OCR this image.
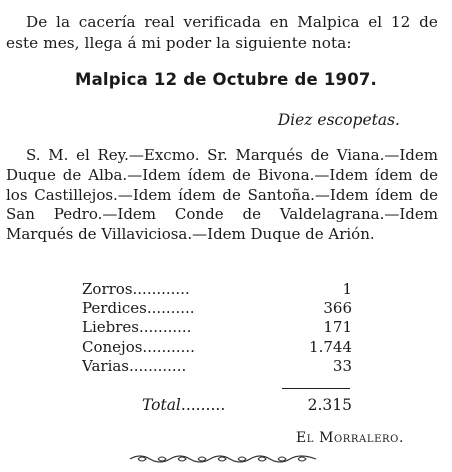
De la cacería real verificada en Malpica el 12 de este mes, llega á mi poder la siguiente nota:

Malpica 12 de Octubre de 1907.
Diez escopetas.

S. M. el Rey.—Excmo. Sr. Marqués de Viana.—Idem Duque de Alba.—Idem ídem de Bivona.—Idem ídem de los Castillejos.—Idem ídem de Santoña.—Idem ídem de San Pedro.—Idem Conde de Valdelagrana.—Idem Marqués de Villaviciosa.—Idem Duque de Arión.

Zorros............	1
Perdices..........	366
Liebres...........	171
Conejos...........	1.744
Varias............	33
Total.........	2.315
El Morralero.
